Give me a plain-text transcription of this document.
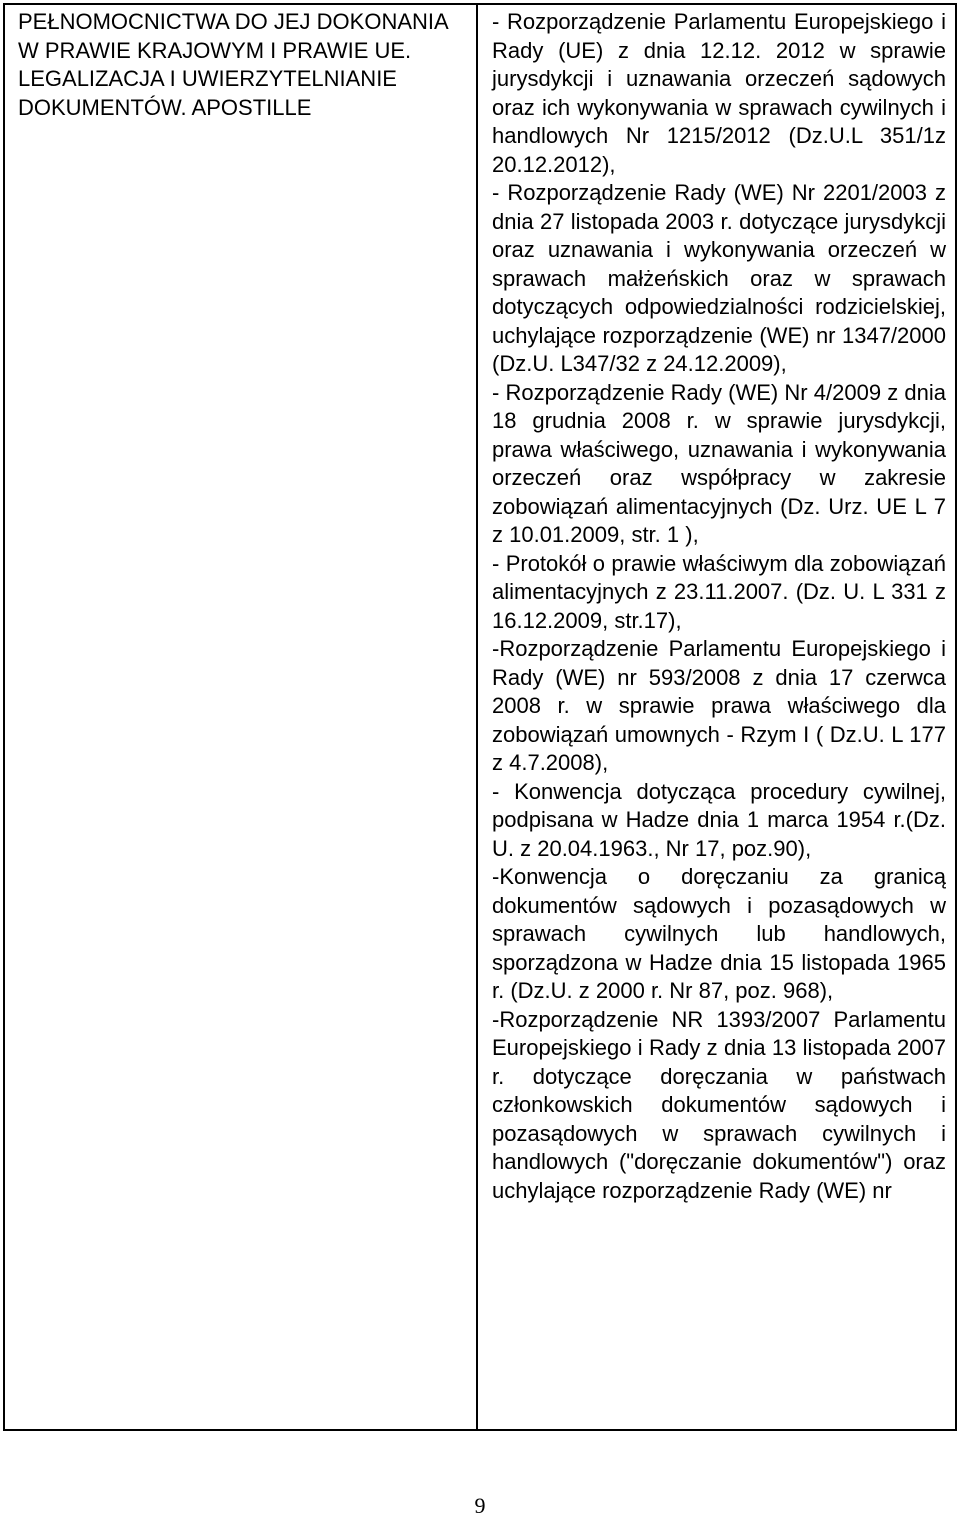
PEŁNOMOCNICTWA DO JEJ DOKONANIA W PRAWIE KRAJOWYM I PRAWIE UE. LEGALIZACJA I UWIERZYTELNIANIE DOKUMENTÓW. APOSTILLE
- Rozporządzenie Parlamentu Europejskiego i Rady (UE) z dnia 12.12. 2012 w sprawie jurysdykcji i uznawania orzeczeń sądowych oraz ich wykonywania w sprawach cywilnych i handlowych Nr 1215/2012 (Dz.U.L 351/1z 20.12.2012),
- Rozporządzenie Rady (WE) Nr 2201/2003 z dnia 27 listopada 2003 r. dotyczące jurysdykcji oraz uznawania i wykonywania orzeczeń w sprawach małżeńskich oraz w sprawach dotyczących odpowiedzialności rodzicielskiej, uchylające rozporządzenie (WE) nr 1347/2000 (Dz.U. L347/32 z 24.12.2009),
- Rozporządzenie Rady (WE) Nr 4/2009 z dnia 18 grudnia 2008 r. w sprawie jurysdykcji, prawa właściwego, uznawania i wykonywania orzeczeń oraz współpracy w zakresie zobowiązań alimentacyjnych (Dz. Urz. UE L 7 z 10.01.2009, str. 1 ),
- Protokół o prawie właściwym dla zobowiązań alimentacyjnych z 23.11.2007. (Dz. U. L 331 z 16.12.2009, str.17),
-Rozporządzenie Parlamentu Europejskiego i Rady (WE) nr 593/2008 z dnia 17 czerwca 2008 r. w sprawie prawa właściwego dla zobowiązań umownych - Rzym I ( Dz.U. L 177 z 4.7.2008),
- Konwencja dotycząca procedury cywilnej, podpisana w Hadze dnia 1 marca 1954 r.(Dz. U. z 20.04.1963., Nr 17, poz.90),
-Konwencja o doręczaniu za granicą dokumentów sądowych i pozasądowych w sprawach cywilnych lub handlowych, sporządzona w Hadze dnia 15 listopada 1965 r. (Dz.U. z 2000 r. Nr 87, poz. 968),
-Rozporządzenie NR 1393/2007 Parlamentu Europejskiego i Rady z dnia 13 listopada 2007 r. dotyczące doręczania w państwach członkowskich dokumentów sądowych i pozasądowych w sprawach cywilnych i handlowych ("doręczanie dokumentów") oraz uchylające rozporządzenie Rady (WE) nr
9
